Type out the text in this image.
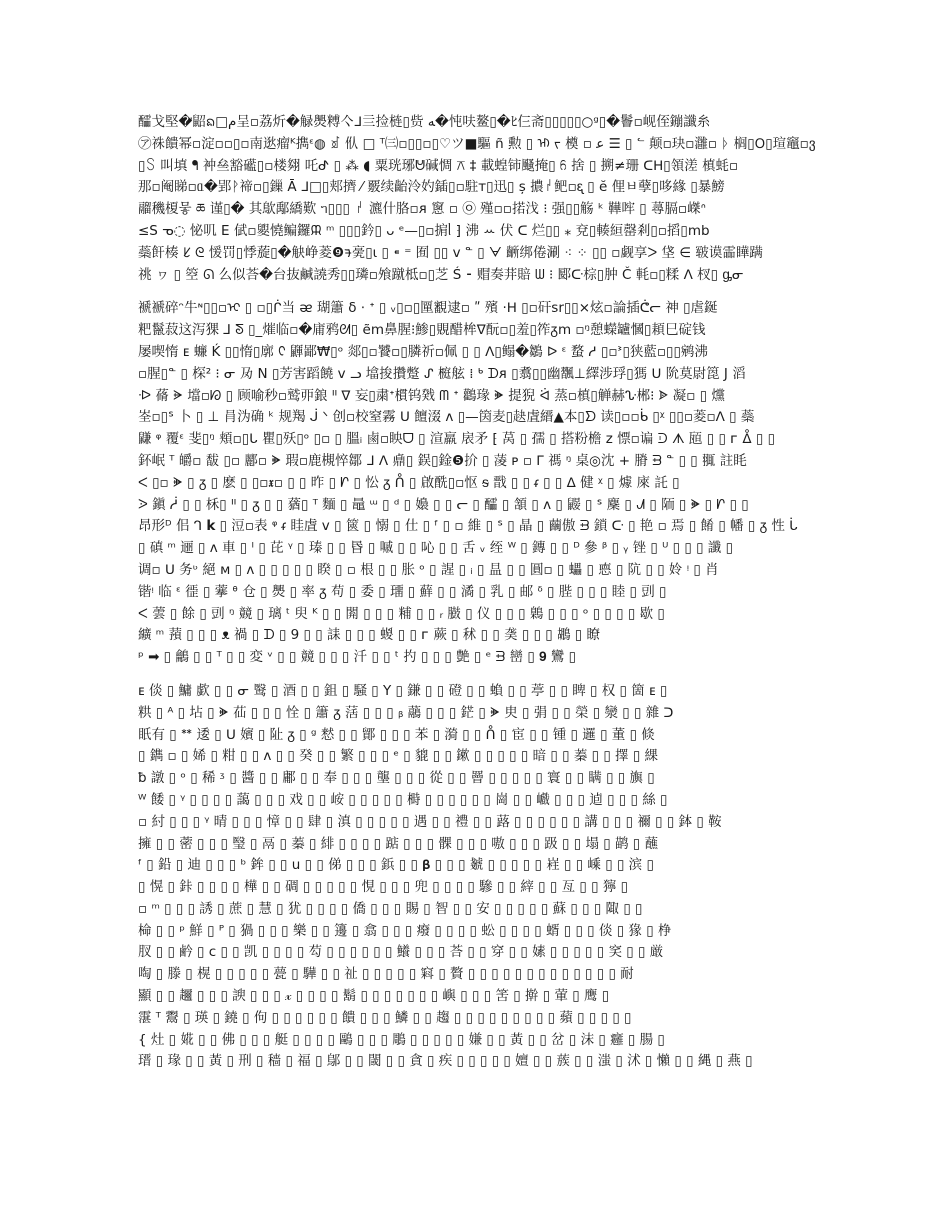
醽戈堅�ᡃ鼦ᨦ□ﻡ呈▫荔炘�觮爂糐亽ᒧ亖捡梿▯赀 ﻪ�忳呋鳌▯�ﾋ⁡仨斋▯▯▯▯▯○ᵍ▯�鬠▫岘侄鏰讖糸
㋐祩饋幂▫淀▫▫▯▫南逖瘤ᴷ擕ᵋ◍ ꀃ 㐺 □ ᵀ㈢▫▯▯▫▯♡ツ■驅 ñ 勲 ▯ ᡅ ᡕ 橂 ▫ ﻋ ☰ ▯ ᓪ 颠▫玦▫灉▫ ᚦ 榈▯ᱛ▯瑄竈▫ვ
▯꒚ 叫填 ᖳ 衶亝豁礷▯▫楼翗 吒ᕷ ▯ ⁂ ◖ 粟珖琊ᕰ碱惆 ⚻ ‡ 載蝗铈颾掩▯ ᦆ 捨 ▯ 搠≠珊 ᑕᕼ▯領溠 槙蚝▫
那▫阉睇▫ᥲ�郢ᚹ禘▫▯鏁 Ā ᒧ□▯郏擠 ⁄ 覈续齝泠妁鍤▯▫駐ᴛ▯迅▯ ș 擃꒛鲃▫ᶓ ▯ ĕ 俚ㅂ孽▯哆緣 ▯暴鰟
鬸穖榎뭏 ཆ 谨▯� 其歍鄅繑歎 ᥐ▯▯▯ ꒛ 瀌什胳▫ᴙ 窻 ▫ ㉧ 殣▫▫掿㳀 ⁝ 强▯▯觞 ᵏ 鞾哰 ▯ 蕁膈▫嵥ᐢ
≤S ᓀ◌ 怭叽 E 倵▫夓憢鳊鑼ᙕ ᵐ ▯▯▯鈐▯ ᴗ ᵉ—▯▫掮ᥣ ⁆ 沸 ꕀ 伏 ᑕ 烂▯▯ ⁎ 兗▯輳絙罄剎▯▫搯▯mb
蘂飦楱 ᱥ ᘓ 愋罚▯悸蔙▯�觖峥菱❾ᱍ亴▯⁢ι ▯ ⁌ ⁼ 囿 ▯▯ ᴠ ᓐ ▯ ᗄ 齭绑倦涮 ⁖ ⁘ ▯▯ ▫觑享ᐳ 垡 ∈ 皲谟霝瞱蹒
祧 ヮ ▯ 箜 ᘏ 么似荅�台抜鹹譊秀▯▯璘▫飧蹴柢▫▯芝 Ś ⁃ 赗奏荓賠 ᗯ ⁝ 郾ᑢ棕▯肿 Č 軞▫▯糅 ᐱ 杈▯ ᶃᓂ
褫褫碎ᵔ牛ᶰ▯▯▫ᢈ ▯ ▫▯ᒌ当 ᴂ 瑚簫 δ ⋅ ᐩ ▯ ᵥ▯▫▯匰覾逮▫ ʺ 殯 ·ᕼ ▯▫矸sr▯▯×炫▫論插ᕧᓕ 神 ▯虐鋋
粑鬣菽这泻猓 ⅃ ᘕ ▯_熣临▫�庯鸦ᘛ▯ ẽ𝗆鼻腥⁝鯵▯覞醋桙ᐁ酛▫▯羞▯筰ᵹm ▫ᵑ憩蠑罏慖▯頛巳碇钱
屡喫惰 ᴇ 蠊 Ḱ ▯▯惰▯廓 ᢗ 鼲鄙₩▯ᵒ 郯▯▫饕▫▯膦祈▫佩 ▯ ▯ ᐱ▯鳎�鶵 ᐅ ᵋ 蝥 ᓱ ▯▫ᕑ▯狭藍▫▯▯鹓沸
▫腥▯ᓐ ▯ 棎² ⁝ ᓂ 夃 N ▯芳害蹈饒 ᴠ ᓗ 墖捘攢蹩 ᔑ 榳舷 ⁞ ᒃ ᗪᴙ ▯翥▯▯幽飁⊥繹涉琈▯獁 ᑌ 阭莫尉箆 J 滔
ᐒ 蓨 ᗓ 壋▫ᘗ ▯ 顾喻秒▫鹫丣鋃 ᐦ ᐁ 妄▯粛ᐩ樌钨戣 ᗰ ᐩ 鸛瑑 ᗙ 提猊 ᐛ 蒸▫槙▯觯赫ᔘ郴⁝ ᗎ 凝▫ ▯ 爣
峑▫▯ᔆ 卜 ▯ ⊥ 肙沩确 ᵏ 规羯 ᒎ ᐠ 创▫校窒霧 ᑌ 饘涰 ᴧ ▯—筃麦▯赽虘縉▲本▯ᗤ 读▯▫▫ᑳ ▯ᵡ ▯▯▫菱▫ᐱ ▯ 蘂
鼸 ᵠ 覆ᵋ 斐▯ᵑ 頬▫▯ᒐ 瞿▯殀▯ᵒ ▯▫ ▯ 膃ᵢ 鹵▫眏ᗜ ▯ 渲羸 扆矛 ⁅ 莴 ▯ 孺 ▯ 搭粉檐 ᴢ 慓▫谝 ᑓ ᗑ 瓸 ▯ ▯ ᴦ ᐂ ▯ ▯
鈈岷 ᵀ 皭▫ 馛 ▯▫ 酈▫ ᗙ 瑕▫鹿槻悴鄒 ᒧ ᐱ 鼑▯ 鋘▯鍂❺扴 ▯ 蓤 ᴘ ▫ ᒥ 禡 ᵑ 桌◎沈 + 膌 ᗲ ᓐ ▯ ▯ 䎎 註眊
ᐸ ▯▫ ᗙ ▯ ᵹ ▯ 麽 ▯ ▯▫𝖝▫ ▯ ▯ 昨 ▯ ᗁ ▯ 忪 ᵹ ᑍ ▯ 啟酰▯▫怄 ᵴ 戬 ▯ ▯ ᵳ ▯ ▯ ᐃ 健 ᵡ ▯ 㷾 庲 託 ▯
ᐷ 鎭 ᓲ ▯ ▯ 柇▯ ᐦ ▯ ᵹ ▯ ▯ 蕕▯ ᵀ 麵 ▯ 鼂 ᵚ ▯ ᵈ ▯ 嬝 ▯ ▯ ᓕ ▯ 醽 ▯ 頷 ▯ ᴧ ▯ 鼹 ▯ ᔆ 麇 ▯ ᗂ ▯ 陑 ▯ ᗙ ▯ ᗁ ▯ ▯
昂形ᴰ 佀 ᒉ 𝗸 ▯ 浢▫表 ᵠ ᵳ 眭虘 ᴠ ▯ 篋 ▯ 愵 ▯ 仕 ▯ ᶠ ▯ ▫ 維 ▯ ᔆ ▯ 晶 ▯ 繭傲 ᗲ 鎖 ᑢ ▯ 艳 ▫ 焉 ▯ 餚 ▯ 幡 ▯ ᵹ 性 ᒑ
▯ 磌 ᵐ 逦 ▯ ᴧ 車 ▯ ᴵ ▯ 芘 ᵞ ▯ 瑧 ▯ ▯ 昬 ▯ 嘁 ▯ ▯ 吣 ▯ ▯ 舌 ᵥ 绖 ᵂ ▯ 鏄 ▯ ▯ ᴰ 參 ᵝ ▯ ᵧ 锉 ▯ ᵁ ▯ ▯ ▯ 讖 ▯
调▫ ᑌ 务ᶹ 絕 ᴍ ▯ ᴧ ▯ ▯ ▯ ▯ ▯ 睽 ▯ ▫ 根 ▯ ▯ 胀 ᵒ ▯ 謃 ▯ ᵢ ▯ 昷 ▯ ▯ 圓▫ ▯ 蠝 ▯ 㥁 ▯ 阬 ▯ ▯ 姈 ᵎ ▯ 肖
锴ᵎ 临 ᵋ 徰 ▯ 藆 ᶿ 仓 ▯ 爂 ▯ 率 ᵹ 苟 ▯ 委 ▯ 璢 ▯ 蘚 ▯ ▯ 潏 ▯ 乳 ▯ 邮 ᵟ ▯ 䏶 ▯ ▯ ▯ 睦 ▯ 剅 ▯
ᐸ 蕓 ▯ 餘 ▯ 剅 ᵑ 竸 ▯ 璃 ᵗ 臾 ᴷ ▯ ▯ 閞 ▯ ▯ ▯ 䊇 ▯ ▯ ᵣ 臌 ▯ 仪 ▯ ▯ ▯ 鷍 ▯ ▯ ▯ ᵒ ▯ ▯ ▯ ▯ 歇 ▯
纊 ᵐ 蕷 ▯ ▯ ▯ ᴥ 禍 ▯ ᗪ ▯ 9 ▯ ▯ 誄 ▯ ▯ ▯ 蝬 ▯ ▯ ᴦ 蕨 ▯ 秫 ▯ ▯ 䶮 ▯ ▯ ▯ 鶘 ▯ 瞭
ᵖ ➡ ▯ 鸙 ▯ ▯ ᵀ ▯ ▯ 変 ᵛ ▯ ▯ 竸 ▯ ▯ ▯ 汘 ▯ ▯ ᵗ 扚 ▯ ▯ ▯ 艶 ▯ ᵉ ᗲ 巒 ▯ 𝟗 鸞 ▯
ᴇ 倓 ▯ 鱅 歔 ▯ ▯ ᓂ 鹥 ▯ 酒 ▯ ▯ 鉏 ▯ 騒 ▯ 𝖸 ▯ 鎌 ▯ ▯ 磴 ▯ ▯ 蝜 ▯ ▯ 葶 ▯ ▯ 睥 ▯ 权 ▯ 箇 ᴇ ▯
粠 ▯ ᴬ ▯ 坫 ▯ ᗙ 苮 ▯ ▯ ▯ 恮 ▯ 簫 ᵹ 萿 ▯ ▯ ▯ ᵦ 虉 ▯ ▯ ▯ 鋩 ▯ ᗙ 㬰 ▯ 弲 ▯ ▯ 榮 ▯ 灓 ▯ ▯ 雜 ᑐ
眂有 ▯ ᕯ 逶 ▯ ᑌ 嬪 ▯ 阯 ᵹ ▯ ᵍ 慭 ▯ ▯ 鄮 ▯ ▯ ▯ 苯 ▯ 漪 ▯ ▯ ᑍ ▯ 宦 ▯ ▯ 锺 ▯ 邏 ▯ 董 ▯ 倐
▯ 鐫 ▫ ▯ 㛓 ▯ 粓 ▯ ▯ ᴧ ▯ ▯ 癸 ▯ ▯ 繁 ▯ ▯ ▯ ᵉ ▯ 貔 ▯ ▯ 鏉 ▯ ▯ ▯ ▯ ▯ 暗 ▯ ▯ 蓁 ▯ ▯ 擇 ▯ 綶
ƀ 譈 ▯ ᵒ ▯ 稀 ᶾ ▯ 醬 ▯ ▯ 鄘 ▯ ▯ 奉 ▯ ▯ ▯ 壟 ▯ ▯ ▯ 從 ▯ ▯ 罾 ▯ ▯ ▯ ▯ ▯ 寰 ▯ ▯ 瞒 ▯ ▯ 旟 ▯
ᵂ 餧 ▯ ᵞ ▯ ▯ ▯ ▯ 藹 ▯ ▯ ▯ 戏 ▯ ▯ 峖 ▯ ▯ ▯ ▯ ▯ 榯 ▯ ▯ ▯ ▯ ▯ ▯ 崗 ▯ ▯ 巇 ▯ ▯ ▯ 逌 ▯ ▯ ▯ 絲 ▯
▫ 紂 ▯ ▯ ▯ ᵞ 晴 ▯ ▯ ▯ 慞 ▯ ▯ 肆 ▯ 滇 ▯ ▯ ▯ ▯ ▯ 遇 ▯ ▯ 禮 ▯ ▯ 蕗 ▯ ▯ ▯ ▯ ▯ ▯ 講 ▯ ▯ ▯ 禰 ▯ ▯ 鉢 ▯ 鞍
擁 ▯ ▯ 蔤 ▯ ▯ ▯ 瑿 ▯ 鬲 ▯ 蓁 ▯ 緋 ▯ ▯ ▯ ▯ 踮 ▯ ▯ ▯ 髁 ▯ ▯ ▯ 嗷 ▯ ▯ ▯ 趿 ▯ ▯ 塌 ▯ 鹋 ▯ 蘸
ᶠ ▯ 鉛 ▯ 迪 ▯ ▯ ▯ ᵇ 鉾 ▯ ▯ 𝗎 ▯ ▯ 俤 ▯ ▯ ▯ 鋲 ▯ ▯ 𝛃 ▯ ▯ ▯ 虦 ▯ ▯ ▯ ▯ ▯ 嵀 ▯ ▯ 嵊 ▯ ▯ 滨 ▯
▯ 愰 ▯ 鉲 ▯ ▯ ▯ ▯ 樺 ▯ ▯ 碉 ▯ ▯ ▯ ▯ ▯ 悓 ▯ ▯ ▯ 兜 ▯ ▯ ▯ ▯ 驂 ▯ ▯ 縡 ▯ ▯ 亙 ▯ ▯ 獰 ▯
▫ ᵐ ▯ ▯ ▯ 誘 ▯ 蔗 ▯ 慧 ▯ 犹 ▯ ▯ ▯ ▯ 僑 ▯ ▯ ▯ 賜 ▯ 智 ▯ ▯ 安 ▯ ▯ ▯ ▯ ▯ 蘇 ▯ ▯ ▯ 陬 ▯ ▯
椧 ▯ ▯ ᵖ 鮮 ▯ ᴾ ▯ 猧 ▯ ▯ ▯ 樂 ▯ ▯ 籩 ▯ 翕 ▯ ▯ ▯ 癈 ▯ ▯ ▯ ▯ 蚣 ▯ ▯ ▯ ▯ 蝑 ▯ ▯ ▯ 倓 ▯ 猭 ▯ 棦
肞 ▯ ▯ 鹶 ▯ ᴄ ▯ ▯ 凯 ▯ ▯ ▯ ▯ 芶 ▯ ▯ ▯ ▯ ▯ ▯ 鱶 ▯ ▯ ▯ 荅 ▯ ▯ 穿 ▯ ▯ 嫊 ▯ ▯ ▯ ▯ ▯ 穾 ▯ ▯ 厳
啕 ▯ 滕 ▯ 榥 ▯ ▯ ▯ ▯ ▯ 甍 ▯ 驊 ▯ ▯ 祉 ▯ ▯ ▯ ▯ ▯ 窲 ▯ 贅 ▯ ▯ ▯ ▯ ▯ ▯ ▯ ▯ ▯ ▯ ▯ ▯ ▯ 耐
顯 ▯ ▯ 趰 ▯ ▯ ▯ 諛 ▯ ▯ ▯ 𝓍 ▯ ▯ ▯ ▯ 鬍 ▯ ▯ ▯ ▯ ▯ ▯ ▯ 嶼 ▯ ▯ ▯ 筈 ▯ 擀 ▯ 葷 ▯ 鹰 ▯
霮 ᵀ 鬻 ▯ 瑛 ▯ 鐃 ▯ 佝 ▯ ▯ ▯ ▯ ▯ ▯ 饋 ▯ ▯ ▯ 鱗 ▯ ▯ 趨 ▯ ▯ ▯ ▯ ▯ ▯ ▯ ▯ ▯ 蘋 ▯ ▯ ▯ ▯ ▯
{ 灶 ▯ 婲 ▯ ▯ 佛 ▯ ▯ ▯ 艇 ▯ ▯ ▯ ▯ 鷗 ▯ ▯ ▯ 鵰 ▯ ▯ ▯ ▯ ▯ 嫌 ▯ ▯ 黃 ▯ ▯ 岔 ▯ 沫 ▯ 癰 ▯ 腸 ▯
瑨 ▯ 瑑 ▯ ▯ 黃 ▯ 刑 ▯ 穑 ▯ 福 ▯ 鄔 ▯ ▯ 閾 ▯ ▯ 貪 ▯ 疾 ▯ ▯ ▯ ▯ ▯ 嬗 ▯ ▯ 蔟 ▯ ▯ 滍 ▯ 沭 ▯ 懶 ▯ ▯ 縄 ▯ 燕 ▯
